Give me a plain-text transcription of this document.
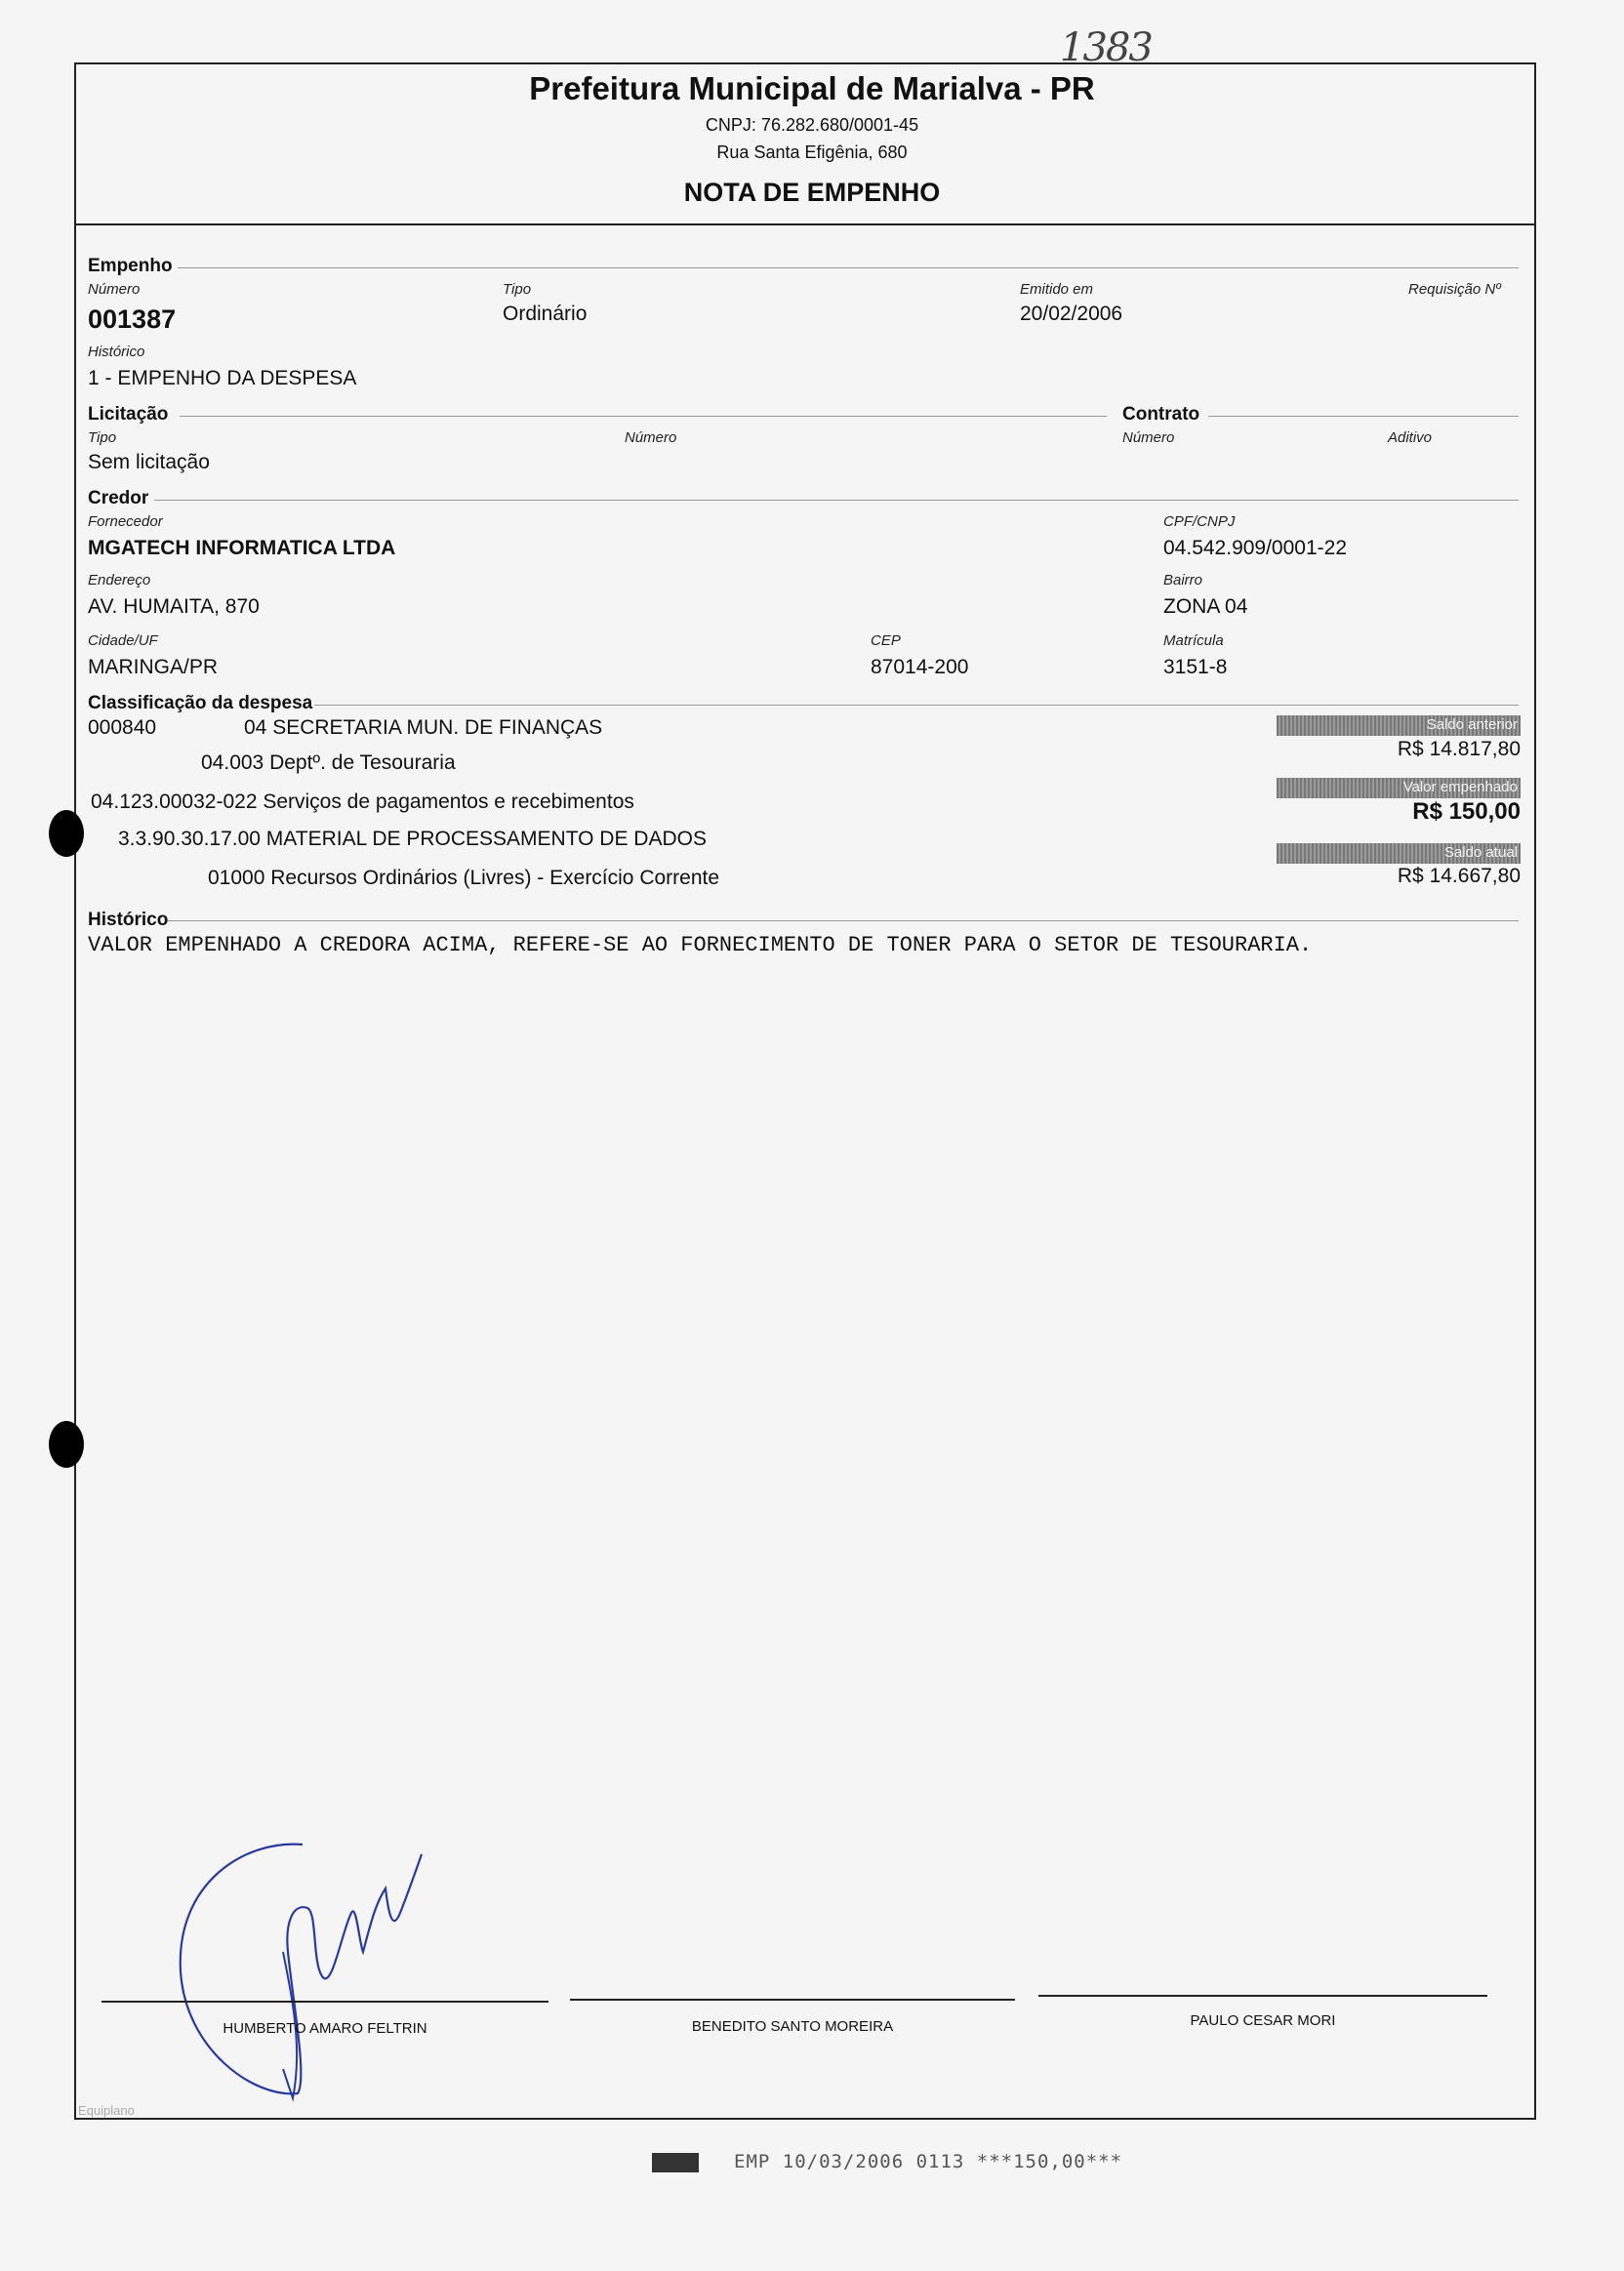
1383
Prefeitura Municipal de Marialva - PR
CNPJ: 76.282.680/0001-45
Rua Santa Efigênia, 680
NOTA DE EMPENHO
Empenho
Número
001387
Tipo
Ordinário
Emitido em
20/02/2006
Requisição Nº
Histórico
1 - EMPENHO DA DESPESA
Licitação	Contrato
Tipo
Sem licitação
Número	Número	Aditivo
Credor
Fornecedor
MGATECH INFORMATICA LTDA
CPF/CNPJ
04.542.909/0001-22
Endereço
AV. HUMAITA, 870
Bairro
ZONA 04
Cidade/UF
MARINGA/PR
CEP
87014-200
Matrícula
3151-8
Classificação da despesa
000840	04 SECRETARIA MUN. DE FINANÇAS
04.003 Deptº. de Tesouraria
04.123.00032-022 Serviços de pagamentos e recebimentos
3.3.90.30.17.00 MATERIAL DE PROCESSAMENTO DE DADOS
01000 Recursos Ordinários (Livres) - Exercício Corrente
Saldo anterior
R$ 14.817,80
Valor empenhado
R$ 150,00
Saldo atual
R$ 14.667,80
Histórico
VALOR EMPENHADO A CREDORA ACIMA, REFERE-SE AO FORNECIMENTO DE TONER PARA O SETOR DE TESOURARIA.
HUMBERTO AMARO FELTRIN	BENEDITO SANTO MOREIRA	PAULO CESAR MORI
Equiplano
EMP 10/03/2006 0113 ***150,00***
